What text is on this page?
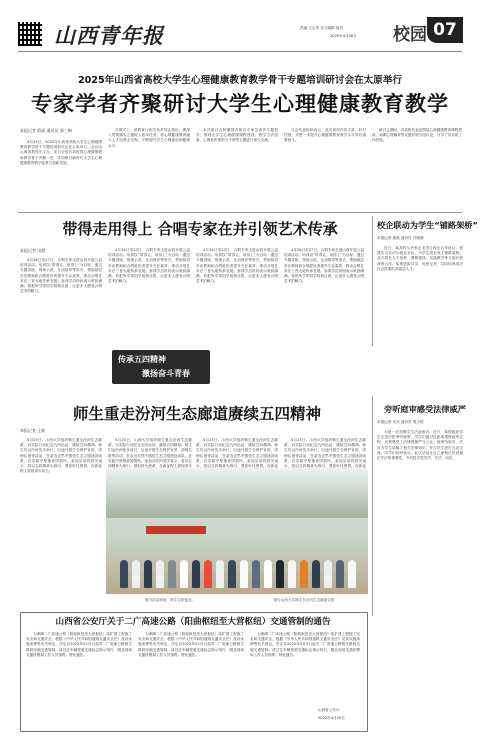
山西青年报	责编 王志英 实习编辑 周贺
2025年4月26日 校园 07
2025年山西省高校大学生心理健康教育教学骨干专题培训研讨会在太原举行
专家学者齐聚研讨大学生心理健康教育教学
本报记者 薛丽 通讯员 郭三梅

4月25日，2025年山西省高校大学生心理健康教育教学骨干专题培训研讨会在太原举行。会议由山西省教育厅主办，来自全省各高校的心理健康教育教学骨干齐聚一堂，共同研讨新时代大学生心理健康教育教学改革与创新发展。

开幕式上，省教育厅相关负责同志指出，要深入贯彻落实立德树人根本任务，将心理健康教育融入人才培养全过程，不断提升学生心理素质和健康水平。

本次研讨会特邀国内知名专家学者作专题报告，围绕大学生心理健康课程建设、教学方法创新、心理危机预防与干预等主题进行深入交流。

与会代表纷纷表示，此次培训内容丰富、针对性强，对进一步提升心理健康教育教学水平具有重要意义。

研讨会期间，各高校代表还围绕心理健康教育课程思政、朋辈心理辅导等议题开展分组讨论，分享了各自的工作经验。

带得走用得上 合唱专家在并引领艺术传承
本报记者 田甜

4月26日至27日，合唱专家走进山西开展公益培训活动。培训以“带得走、用得上”为目标，通过专题讲座、现场示范、互动指导等形式，帮助基层音乐教师和合唱爱好者提升专业素养，推动合唱艺术在三晋大地传承发展。参训学员纷纷表示收获满满，将把所学带回学校和社团，让更多人感受合唱艺术的魅力。

4月26日至27日，合唱专家走进山西开展公益培训活动。培训以“带得走、用得上”为目标，通过专题讲座、现场示范、互动指导等形式，帮助基层音乐教师和合唱爱好者提升专业素养，推动合唱艺术在三晋大地传承发展。参训学员纷纷表示收获满满，将把所学带回学校和社团，让更多人感受合唱艺术的魅力。

4月26日至27日，合唱专家走进山西开展公益培训活动。培训以“带得走、用得上”为目标，通过专题讲座、现场示范、互动指导等形式，帮助基层音乐教师和合唱爱好者提升专业素养，推动合唱艺术在三晋大地传承发展。参训学员纷纷表示收获满满，将把所学带回学校和社团，让更多人感受合唱艺术的魅力。

4月26日至27日，合唱专家走进山西开展公益培训活动。培训以“带得走、用得上”为目标，通过专题讲座、现场示范、互动指导等形式，帮助基层音乐教师和合唱爱好者提升专业素养，推动合唱艺术在三晋大地传承发展。参训学员纷纷表示收获满满，将把所学带回学校和社团，让更多人感受合唱艺术的魅力。

校企联动为学生“铺路架桥”
本报记者 唐晨 通讯员 吕晓静

近日，某高校与多家企业签订校企合作协议，搭建实习实训与就业平台，为学生成长成才铺路架桥。双方将在人才培养、课程建设、实践教学等方面开展深度合作，实现资源共享、优势互补，共同培养适应社会需要的高素质人才。

传承五四精神
激扬奋斗青春
师生重走汾河生态廊道赓续五四精神
本报记者 王新

4月25日，山西大学组织师生重走汾河生态廊道，以实际行动纪念五四运动，赓续五四精神。师生们沿汾河徒步前行，沿途开展生态保护宣讲、清理垃圾等活动，在亲近自然中感悟生态文明建设成果，在实践中厚植爱国情怀。参加活动的同学表示，将以五四精神为指引，勇担时代使命，在新征程上展现青年担当。

4月25日，山西大学组织师生重走汾河生态廊道，以实际行动纪念五四运动，赓续五四精神。师生们沿汾河徒步前行，沿途开展生态保护宣讲、清理垃圾等活动，在亲近自然中感悟生态文明建设成果，在实践中厚植爱国情怀。参加活动的同学表示，将以五四精神为指引，勇担时代使命，在新征程上展现青年

4月25日，山西大学组织师生重走汾河生态廊道，以实际行动纪念五四运动，赓续五四精神。师生们沿汾河徒步前行，沿途开展生态保护宣讲、清理垃圾等活动，在亲近自然中感悟生态文明建设成果，在实践中厚植爱国情怀。参加活动的同学表示，将以五四精神为指引，勇担时代使命，在新征

4月25日，山西大学组织师生重走汾河生态廊道，以实际行动纪念五四运动，赓续五四精神。师生们沿汾河徒步前行，沿途开展生态保护宣讲、清理垃圾等活动，在亲近自然中感悟生态文明建设成果，在实践中厚植爱国情怀。参加活动的同学表示，将以五四精神为指引，勇担时代使命，在新征

图为活动现场，师生合影留念。	图为山西大学师生在汾河生态廊道合影
旁听庭审感受法律威严
本报记者 吴宾 通讯员 胡少煜

为进一步加强学生法治意识，近日，某校组织学生走进法院旁听庭审。学生们通过近距离观察庭审过程，直观感受了法律的威严与公正。庭审结束后，法官为学生讲解了相关法律知识，并与学生进行互动交流。同学们纷纷表示，此次活动让自己深刻认识到遵纪守法的重要性，今后将自觉学法、守法、用法。

山西省公安厅关于二广高速公路（阳曲枢纽至大营枢纽）交通管制的通告

为保障二广高速公路（阳曲枢纽至大营枢纽）改扩建工程施工安全和交通安全，根据《中华人民共和国道路交通安全法》及其实施条例等有关规定，决定自2025年5月5日起对二广高速公路相关路段实施交通管制。请过往车辆按照交通标志指示绕行，服从现场交通民警和工作人员指挥。特此通告。

为保障二广高速公路（阳曲枢纽至大营枢纽）改扩建工程施工安全和交通安全，根据《中华人民共和国道路交通安全法》及其实施条例等有关规定，决定自2025年5月5日起对二广高速公路相关路段实施交通管制。请过往车辆按照交通标志指示绕行，服从现场交通民警和工作人员指挥。特此通告。

为保障二广高速公路（阳曲枢纽至大营枢纽）改扩建工程施工安全和交通安全，根据《中华人民共和国道路交通安全法》及其实施条例等有关规定，决定自2025年5月5日起对二广高速公路相关路段实施交通管制。请过往车辆按照交通标志指示绕行，服从现场交通民警和工作人员指挥。特此通告。

山西省公安厅
2025年4月25日
